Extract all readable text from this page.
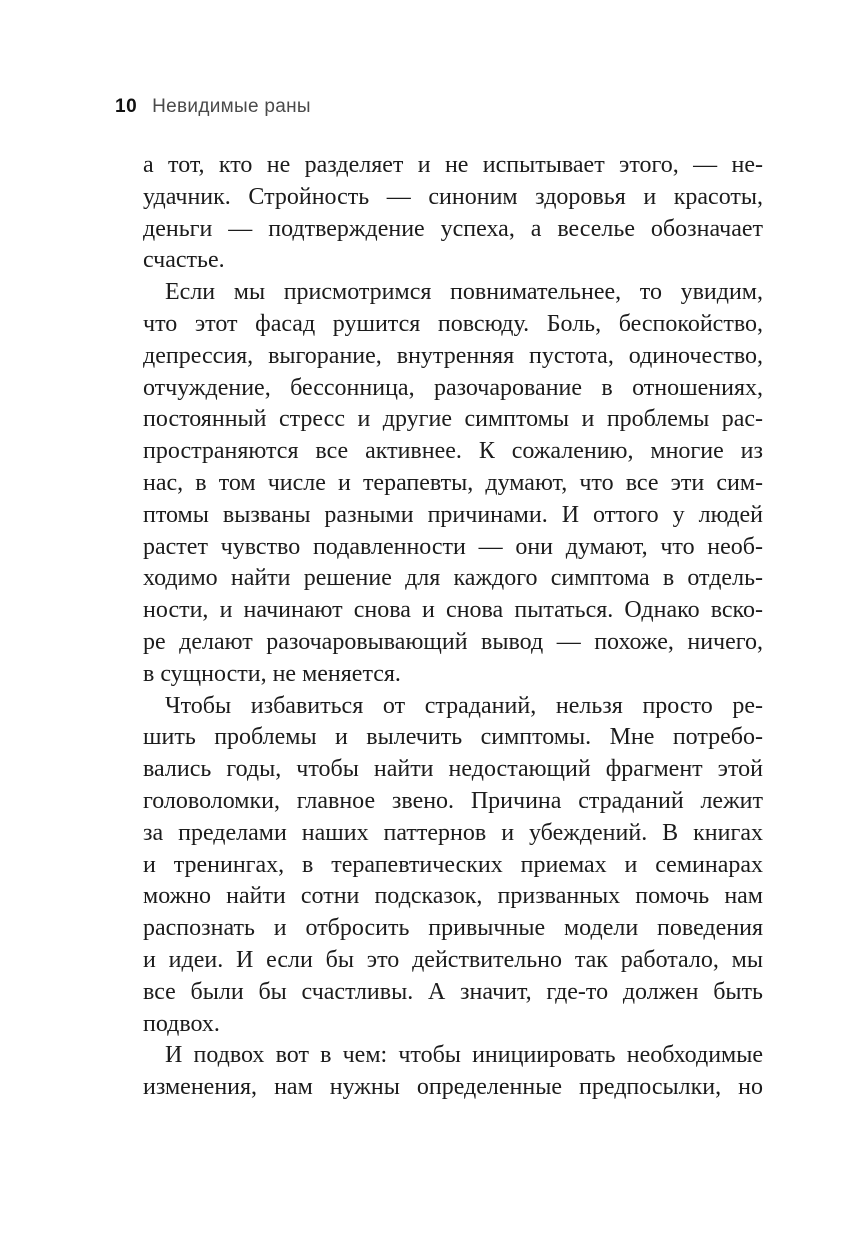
10 Невидимые раны
а тот, кто не разделяет и не испытывает этого, — не-
удачник. Стройность — синоним здоровья и красоты,
деньги — подтверждение успеха, а веселье обозначает
счастье.
Если мы присмотримся повнимательнее, то увидим,
что этот фасад рушится повсюду. Боль, беспокойство,
депрессия, выгорание, внутренняя пустота, одиночество,
отчуждение, бессонница, разочарование в отношениях,
постоянный стресс и другие симптомы и проблемы рас-
пространяются все активнее. К сожалению, многие из
нас, в том числе и терапевты, думают, что все эти сим-
птомы вызваны разными причинами. И оттого у людей
растет чувство подавленности — они думают, что необ-
ходимо найти решение для каждого симптома в отдель-
ности, и начинают снова и снова пытаться. Однако вско-
ре делают разочаровывающий вывод — похоже, ничего,
в сущности, не меняется.
Чтобы избавиться от страданий, нельзя просто ре-
шить проблемы и вылечить симптомы. Мне потребо-
вались годы, чтобы найти недостающий фрагмент этой
головоломки, главное звено. Причина страданий лежит
за пределами наших паттернов и убеждений. В книгах
и тренингах, в терапевтических приемах и семинарах
можно найти сотни подсказок, призванных помочь нам
распознать и отбросить привычные модели поведения
и идеи. И если бы это действительно так работало, мы
все были бы счастливы. А значит, где-то должен быть
подвох.
И подвох вот в чем: чтобы инициировать необходимые
изменения, нам нужны определенные предпосылки, но
